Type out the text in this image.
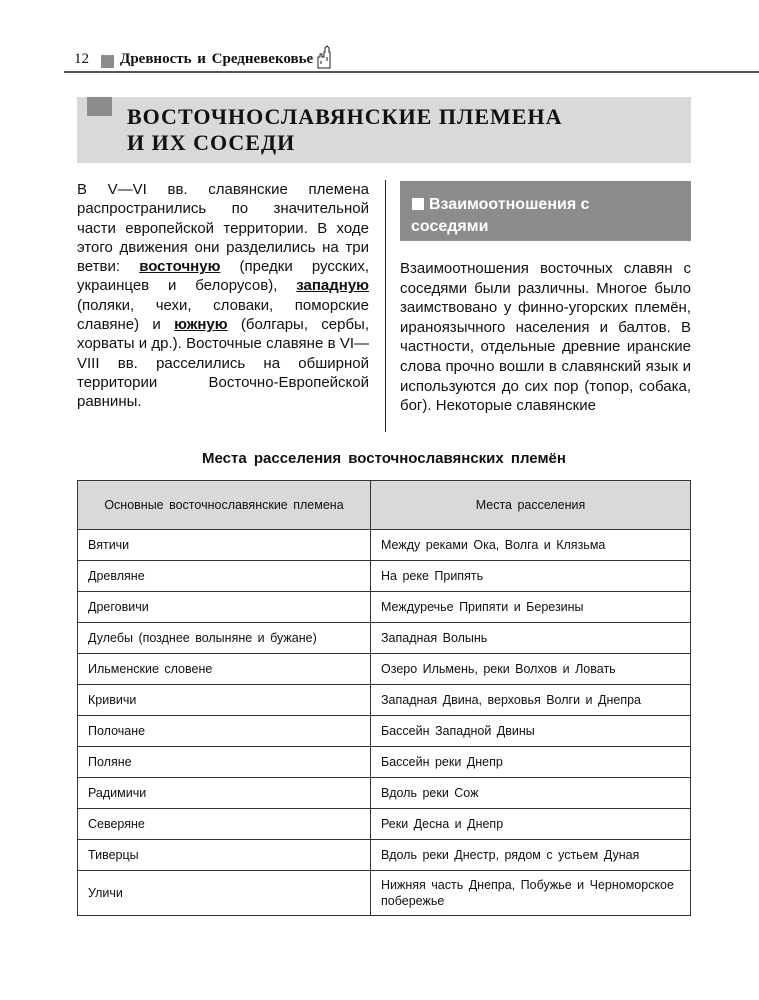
12 Древность и Средневековье
ВОСТОЧНОСЛАВЯНСКИЕ ПЛЕМЕНА
И ИХ СОСЕДИ

В V—VI вв. славянские племена распространились по значительной части европейской территории. В ходе этого движения они разделились на три ветви: восточную (предки русских, украинцев и белорусов), западную (поляки, чехи, словаки, поморские славяне) и южную (болгары, сербы, хорваты и др.). Восточные славяне в VI—VIII вв. расселились на обширной территории Восточно-Европейской равнины.

Взаимоотношения с соседями

Взаимоотношения восточных славян с соседями были различны. Многое было заимствовано у финно-угорских племён, ираноязычного населения и балтов. В частности, отдельные древние иранские слова прочно вошли в славянский язык и используются до сих пор (топор, собака, бог). Некоторые славянские

Места расселения восточнославянских племён

Основные восточнославянские племена	Места расселения
Вятичи	Между реками Ока, Волга и Клязьма
Древляне	На реке Припять
Дреговичи	Междуречье Припяти и Березины
Дулебы (позднее волыняне и бужане)	Западная Волынь
Ильменские словене	Озеро Ильмень, реки Волхов и Ловать
Кривичи	Западная Двина, верховья Волги и Днепра
Полочане	Бассейн Западной Двины
Поляне	Бассейн реки Днепр
Радимичи	Вдоль реки Сож
Северяне	Реки Десна и Днепр
Тиверцы	Вдоль реки Днестр, рядом с устьем Дуная
Уличи	Нижняя часть Днепра, Побужье и Черноморское побережье
